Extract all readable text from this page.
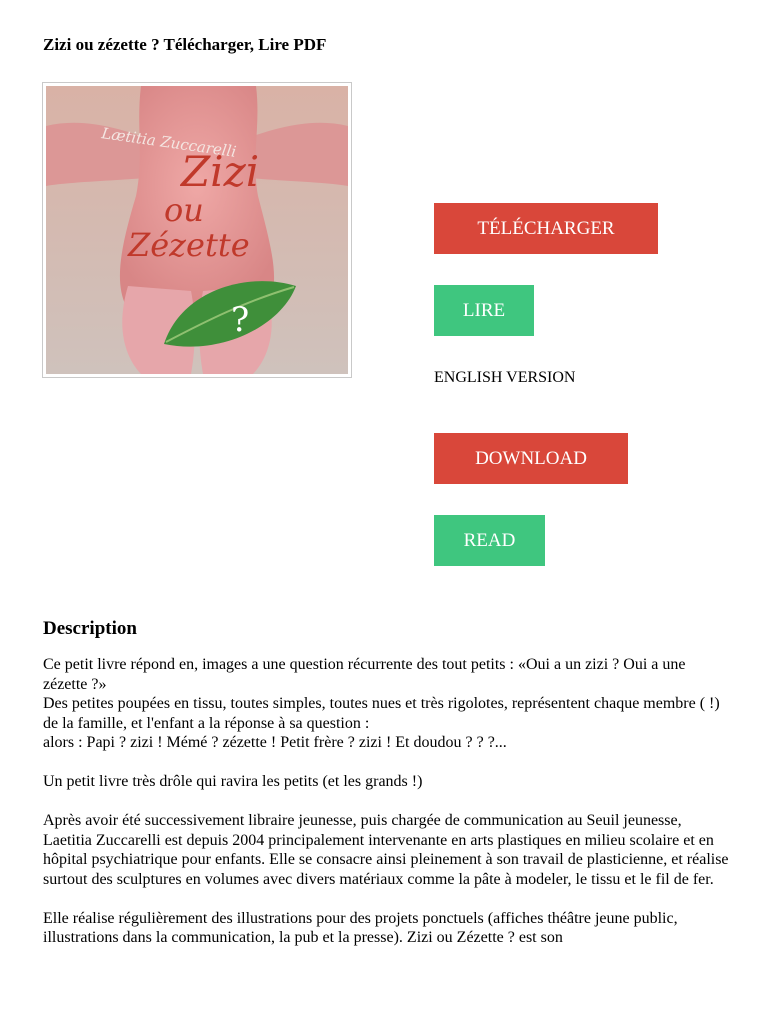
Zizi ou zézette ? Télécharger, Lire PDF
Lætitia Zuccarelli
Zizi
ou
Zézette
?
TÉLÉCHARGER
LIRE
ENGLISH VERSION
DOWNLOAD
READ
Description

Ce petit livre répond en, images a une question récurrente des tout petits : «Oui a un zizi ? Oui a une zézette ?»
Des petites poupées en tissu, toutes simples, toutes nues et très rigolotes, représentent chaque membre ( !) de la famille, et l'enfant a la réponse à sa question :
alors : Papi ? zizi ! Mémé ? zézette ! Petit frère ? zizi ! Et doudou ? ? ?...

Un petit livre très drôle qui ravira les petits (et les grands !)

Après avoir été successivement libraire jeunesse, puis chargée de communication au Seuil jeunesse, Laetitia Zuccarelli est depuis 2004 principalement intervenante en arts plastiques en milieu scolaire et en hôpital psychiatrique pour enfants. Elle se consacre ainsi pleinement à son travail de plasticienne, et réalise surtout des sculptures en volumes avec divers matériaux comme la pâte à modeler, le tissu et le fil de fer.

Elle réalise régulièrement des illustrations pour des projets ponctuels (affiches théâtre jeune public, illustrations dans la communication, la pub et la presse). Zizi ou Zézette ? est son
